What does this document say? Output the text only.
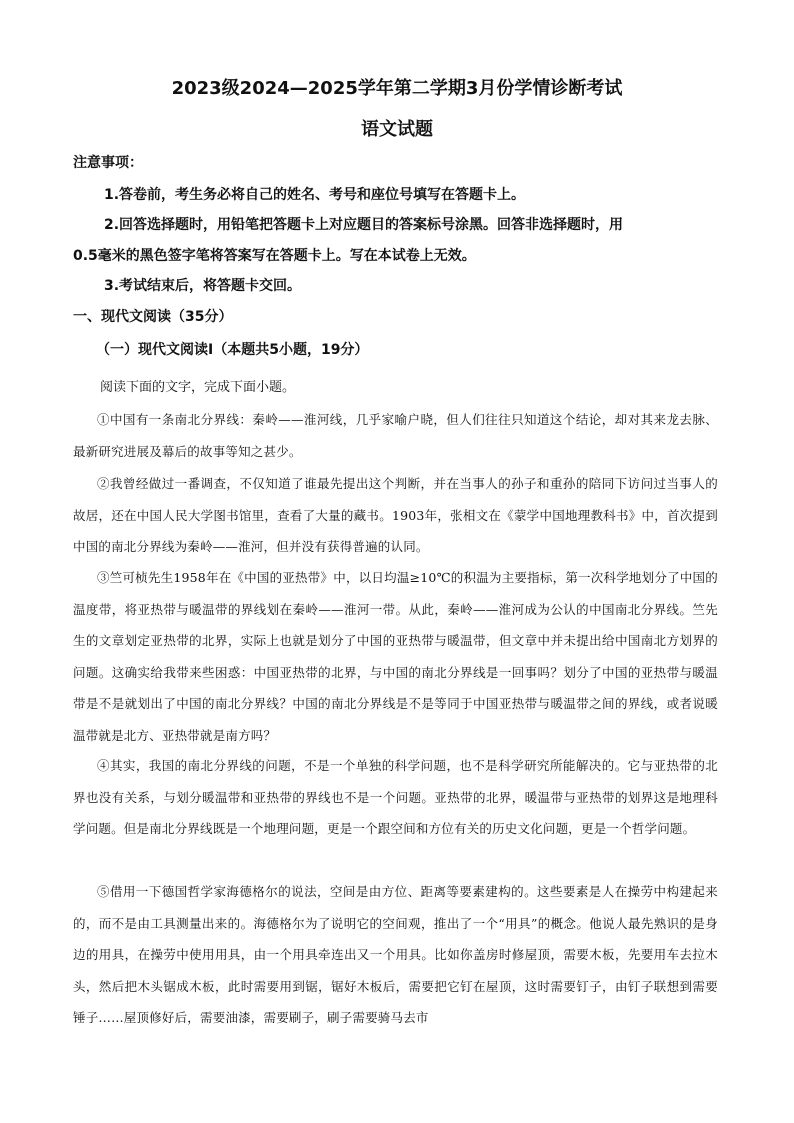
2023级2024—2025学年第二学期3月份学情诊断考试
语文试题
注意事项：
1.答卷前，考生务必将自己的姓名、考号和座位号填写在答题卡上。
2.回答选择题时，用铅笔把答题卡上对应题目的答案标号涂黑。回答非选择题时，用
0.5毫米的黑色签字笔将答案写在答题卡上。写在本试卷上无效。
3.考试结束后，将答题卡交回。
一、现代文阅读（35分）
（一）现代文阅读Ⅰ（本题共5小题，19分）
阅读下面的文字，完成下面小题。
①中国有一条南北分界线：秦岭——淮河线，几乎家喻户晓，但人们往往只知道这个结论，却对其来龙去脉、最新研究进展及幕后的故事等知之甚少。
②我曾经做过一番调查，不仅知道了谁最先提出这个判断，并在当事人的孙子和重孙的陪同下访问过当事人的故居，还在中国人民大学图书馆里，查看了大量的藏书。1903年，张相文在《蒙学中国地理教科书》中，首次提到中国的南北分界线为秦岭——淮河，但并没有获得普遍的认同。
③竺可桢先生1958年在《中国的亚热带》中，以日均温≥10℃的积温为主要指标，第一次科学地划分了中国的温度带，将亚热带与暖温带的界线划在秦岭——淮河一带。从此，秦岭——淮河成为公认的中国南北分界线。竺先生的文章划定亚热带的北界，实际上也就是划分了中国的亚热带与暖温带，但文章中并未提出给中国南北方划界的问题。这确实给我带来些困惑：中国亚热带的北界，与中国的南北分界线是一回事吗？划分了中国的亚热带与暖温带是不是就划出了中国的南北分界线？中国的南北分界线是不是等同于中国亚热带与暖温带之间的界线，或者说暖温带就是北方、亚热带就是南方吗？
④其实，我国的南北分界线的问题，不是一个单独的科学问题，也不是科学研究所能解决的。它与亚热带的北界也没有关系，与划分暖温带和亚热带的界线也不是一个问题。亚热带的北界，暖温带与亚热带的划界这是地理科学问题。但是南北分界线既是一个地理问题，更是一个跟空间和方位有关的历史文化问题，更是一个哲学问题。
⑤借用一下德国哲学家海德格尔的说法，空间是由方位、距离等要素建构的。这些要素是人在操劳中构建起来的，而不是由工具测量出来的。海德格尔为了说明它的空间观，推出了一个“用具”的概念。他说人最先熟识的是身边的用具，在操劳中使用用具，由一个用具牵连出又一个用具。比如你盖房时修屋顶，需要木板，先要用车去拉木头，然后把木头锯成木板，此时需要用到锯，锯好木板后，需要把它钉在屋顶，这时需要钉子，由钉子联想到需要锤子……屋顶修好后，需要油漆，需要刷子，刷子需要骑马去市
